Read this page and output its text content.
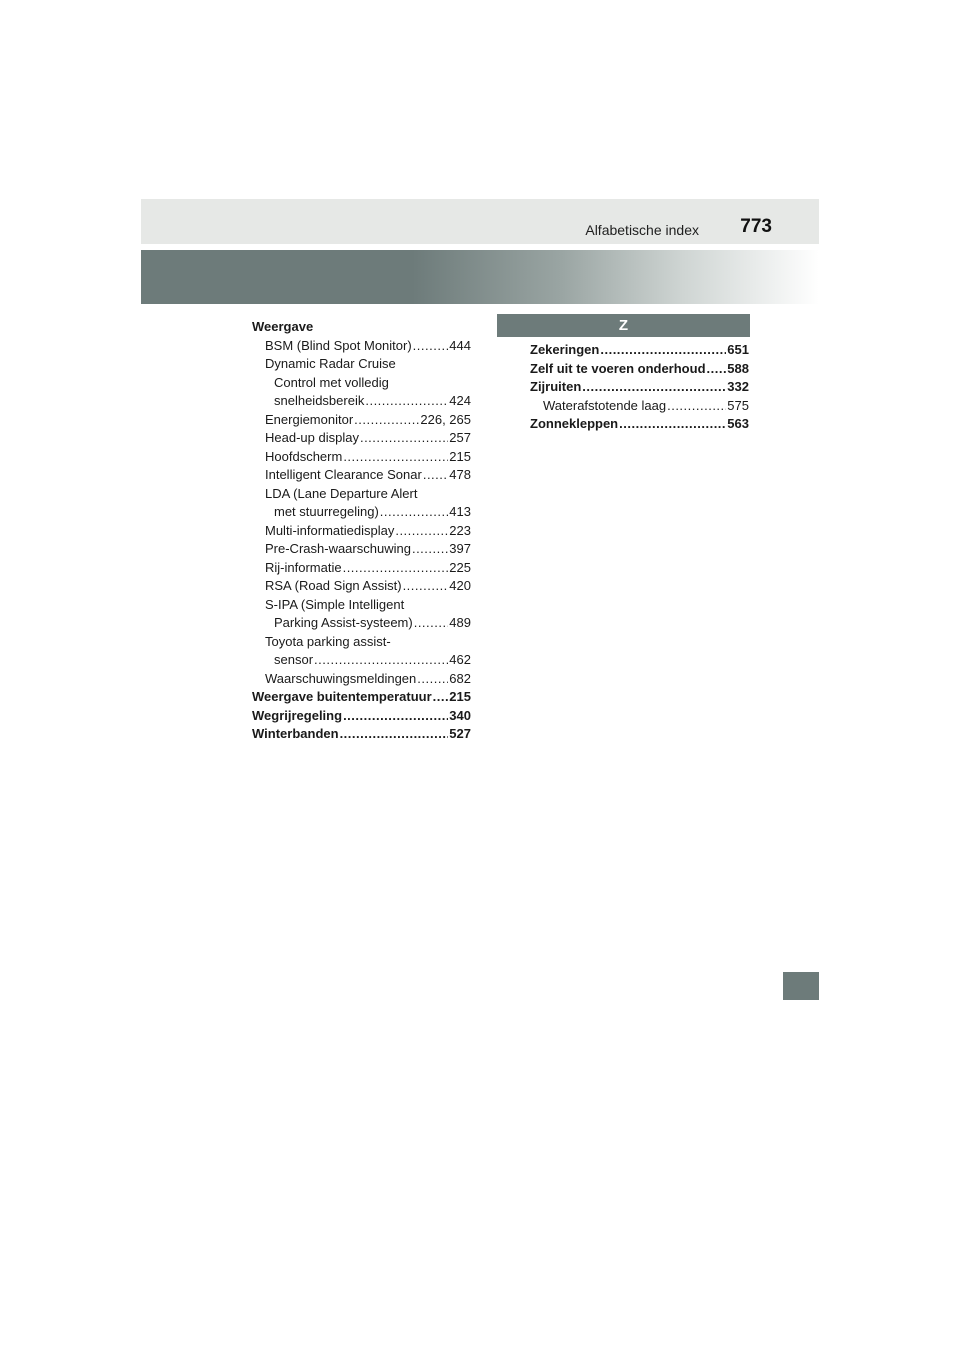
Alfabetische index 773
Weergave
BSM (Blind Spot Monitor) .....	444
Dynamic Radar Cruise
Control met volledig
snelheidsbereik .....	424
Energiemonitor .....	226, 265
Head-up display .....	257
Hoofdscherm .....	215
Intelligent Clearance Sonar ..... 478
LDA (Lane Departure Alert
met stuurregeling) .....	413
Multi-informatiedisplay .....	223
Pre-Crash-waarschuwing .....	397
Rij-informatie .....	225
RSA (Road Sign Assist) .....	420
S-IPA (Simple Intelligent
Parking Assist-systeem) .....	489
Toyota parking assist-
sensor .....	462
Waarschuwingsmeldingen .....	682
Weergave buitentemperatuur ..... 215
Wegrijregeling .....	340
Winterbanden .....	527
Z
Zekeringen .....	651
Zelf uit te voeren onderhoud ..... 588
Zijruiten .....	332
Waterafstotende laag .....	575
Zonnekleppen .....	563
